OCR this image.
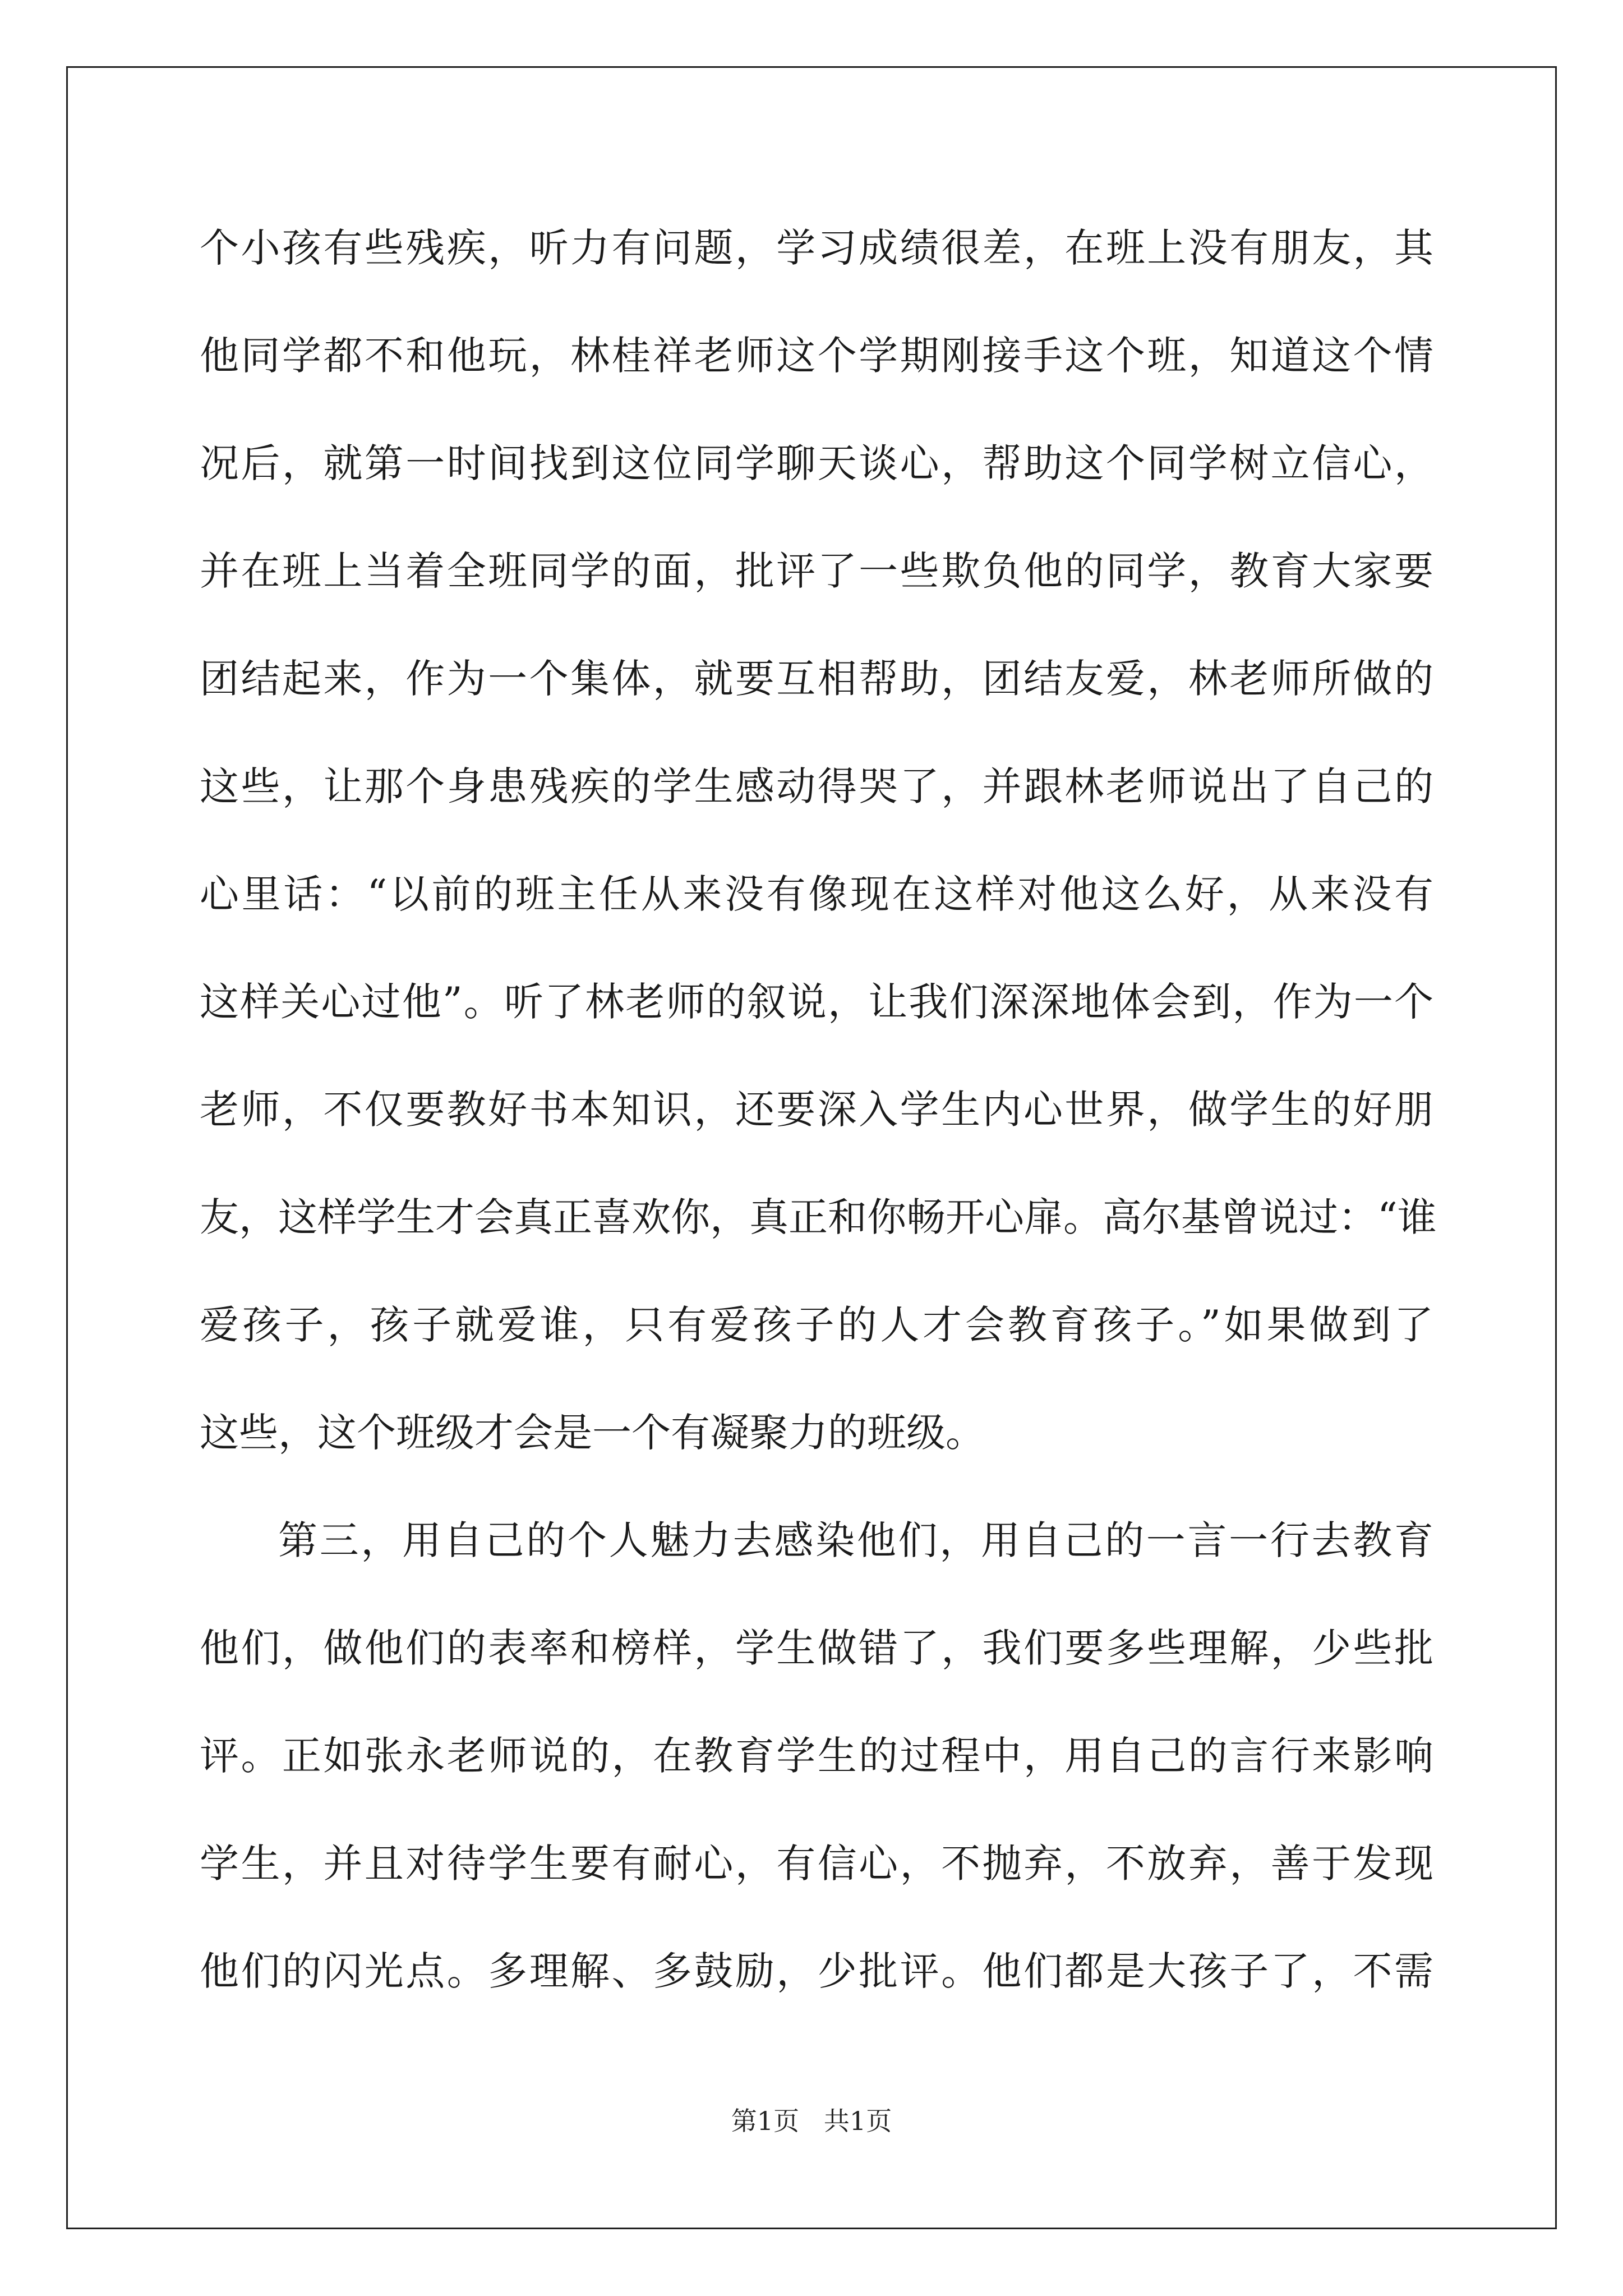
个小孩有些残疾，听力有问题，学习成绩很差，在班上没有朋友，其
他同学都不和他玩，林桂祥老师这个学期刚接手这个班，知道这个情
况后，就第一时间找到这位同学聊天谈心，帮助这个同学树立信心，
并在班上当着全班同学的面，批评了一些欺负他的同学，教育大家要
团结起来，作为一个集体，就要互相帮助，团结友爱，林老师所做的
这些，让那个身患残疾的学生感动得哭了，并跟林老师说出了自己的
心里话：“以前的班主任从来没有像现在这样对他这么好，从来没有
这样关心过他”。听了林老师的叙说，让我们深深地体会到，作为一个
老师，不仅要教好书本知识，还要深入学生内心世界，做学生的好朋
友，这样学生才会真正喜欢你，真正和你畅开心扉。高尔基曾说过：“谁
爱孩子，孩子就爱谁，只有爱孩子的人才会教育孩子。”如果做到了
这些，这个班级才会是一个有凝聚力的班级。
第三，用自己的个人魅力去感染他们，用自己的一言一行去教育
他们，做他们的表率和榜样，学生做错了，我们要多些理解，少些批
评。正如张永老师说的，在教育学生的过程中，用自己的言行来影响
学生，并且对待学生要有耐心，有信心，不抛弃，不放弃，善于发现
他们的闪光点。多理解、多鼓励，少批评。他们都是大孩子了，不需
第1页   共1页
